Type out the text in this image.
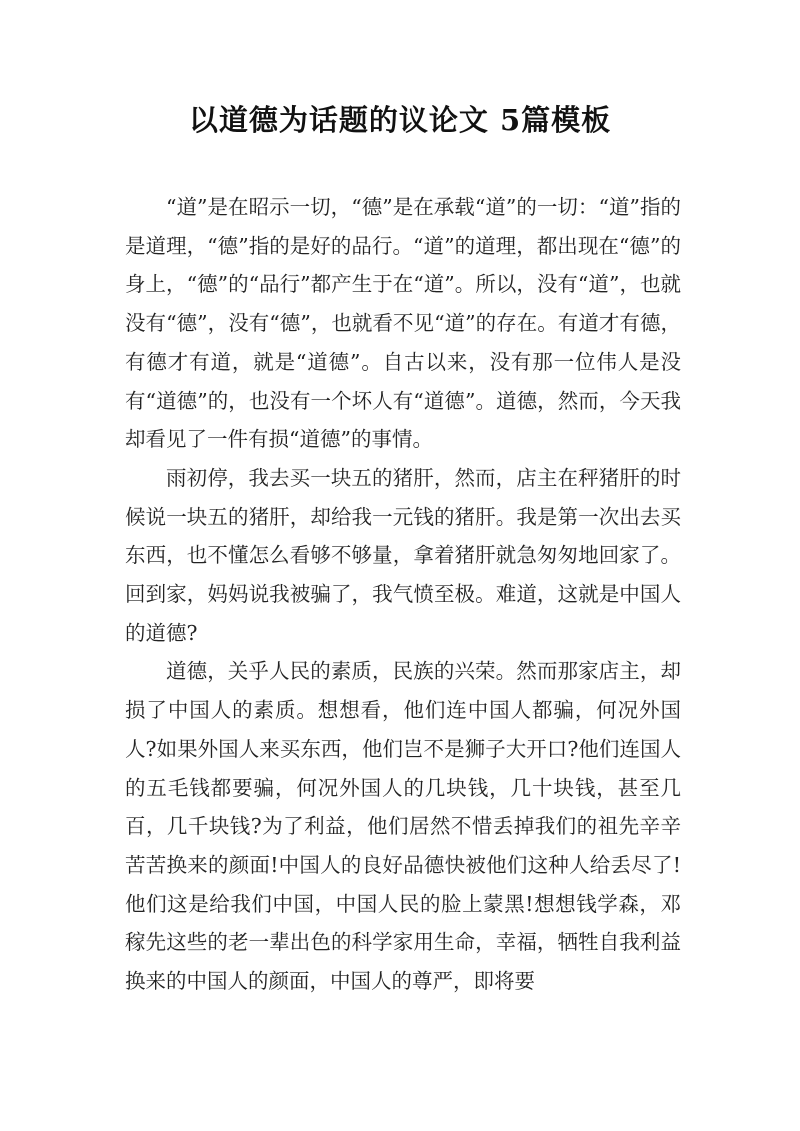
以道德为话题的议论文 5篇模板

“道”是在昭示一切，“德”是在承载“道”的一切：“道”指的是道理，“德”指的是好的品行。“道”的道理，都出现在“德”的身上，“德”的“品行”都产生于在“道”。所以，没有“道”，也就没有“德”，没有“德”，也就看不见“道”的存在。有道才有德，有德才有道，就是“道德”。自古以来，没有那一位伟人是没有“道德”的，也没有一个坏人有“道德”。道德，然而，今天我却看见了一件有损“道德”的事情。

雨初停，我去买一块五的猪肝，然而，店主在秤猪肝的时候说一块五的猪肝，却给我一元钱的猪肝。我是第一次出去买东西，也不懂怎么看够不够量，拿着猪肝就急匆匆地回家了。回到家，妈妈说我被骗了，我气愤至极。难道，这就是中国人的道德?

道德，关乎人民的素质，民族的兴荣。然而那家店主，却损了中国人的素质。想想看，他们连中国人都骗，何况外国人?如果外国人来买东西，他们岂不是狮子大开口?他们连国人的五毛钱都要骗，何况外国人的几块钱，几十块钱，甚至几百，几千块钱?为了利益，他们居然不惜丢掉我们的祖先辛辛苦苦换来的颜面!中国人的良好品德快被他们这种人给丢尽了!他们这是给我们中国，中国人民的脸上蒙黑!想想钱学森，邓稼先这些的老一辈出色的科学家用生命，幸福，牺牲自我利益换来的中国人的颜面，中国人的尊严，即将要
